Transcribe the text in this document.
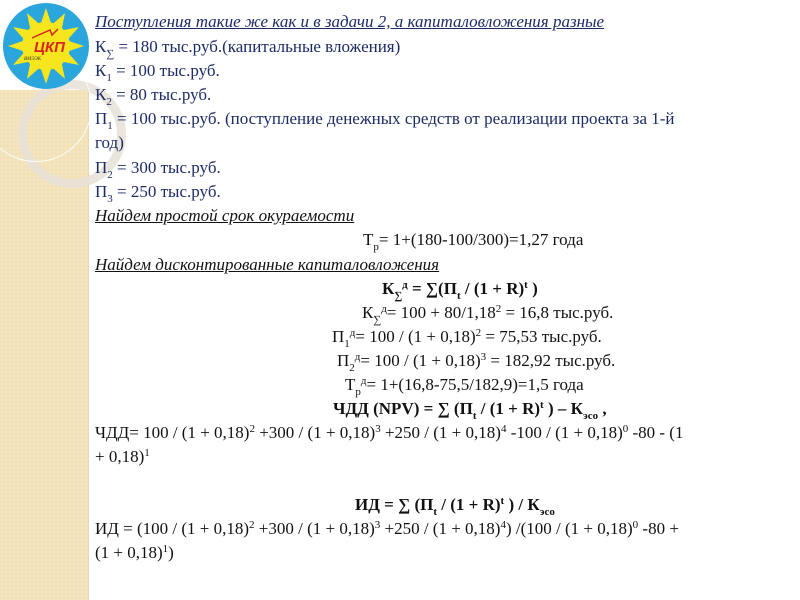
ЦКП
ВМЭЭК
Поступления такие же как и в задачи 2, а капиталовложения разные
$К_\sum = 180$ тыс.руб.(капитальные вложения)
$К_1 = 100$ тыс.руб.
$К_2 = 80$ тыс.руб.
$П_1 = 100$ тыс.руб. (поступление денежных средств от реализации проекта за 1-й
год)
$П_2 = 300$ тыс.руб.
$П_3 = 250$ тыс.руб.
Найдем простой срок окураемости
$Т_р= 1+(180-100/300)=1,27$ года
Найдем дисконтированные капиталовложения
$К_\sum^д = \sum(П_t / (1 + R)^t$ )
$К_\sum^д= 100 + 80/1,18^2 = 16,8$ тыс.руб.
$П_1^д= 100 / (1 + 0,18)^2 = 75,53$ тыс.руб.
$П_2^д= 100 / (1 + 0,18)^3 = 182,92$ тыс.руб.
$Т_р^д= 1+(16,8-75,5/182,9)=1,5$ года
ЧДД (NPV) = ∑ ($П_t / (1 + R)^t$ ) – $К_{эсо}$ ,
$ЧДД= 100 / (1 + 0,18)^2 +300 / (1 + 0,18)^3 +250 / (1 + 0,18)^4$ $-100 / (1 + 0,18)^0$ -80 - (1
+ 0,18)$^1$
ИД = ∑ ($П_t / (1 + R)^t$ ) / $К_{эсо}$
ИД = $(100 / (1 + 0,18)^2 +300 / (1 + 0,18)^3 +250 / (1 + 0,18)^4)$ $/(100 / (1 + 0,18)^0$ -80 +
$(1 + 0,18)^1$)
